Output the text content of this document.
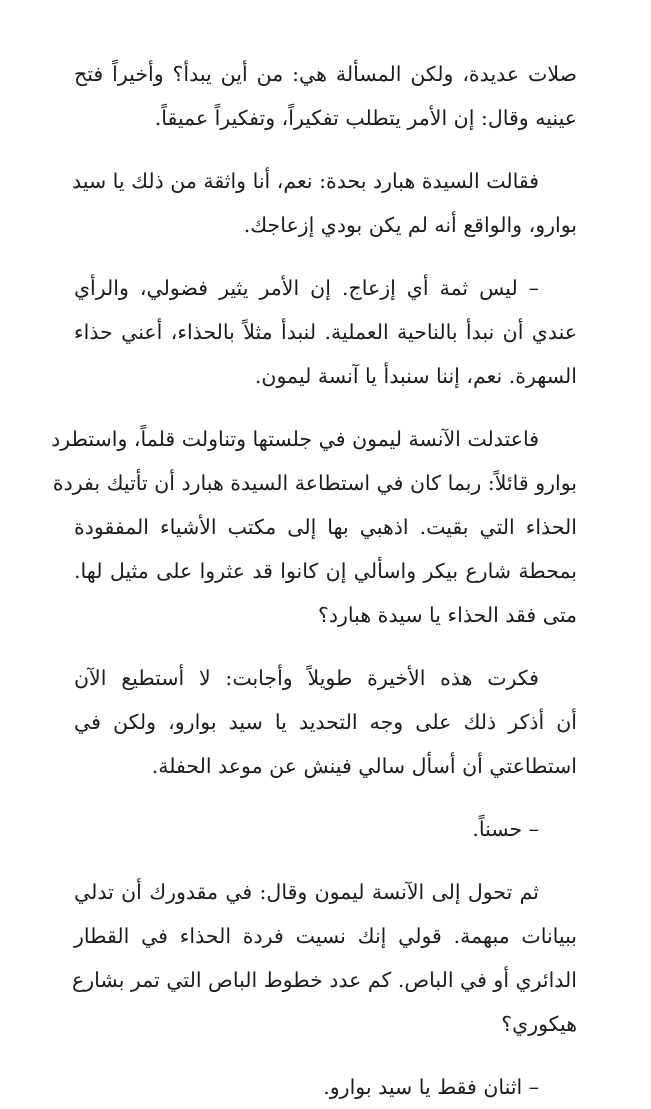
صلات عديدة، ولكن المسألة هي: من أين يبدأ؟ وأخيراً فتح
عينيه وقال: إن الأمر يتطلب تفكيراً، وتفكيراً عميقاً.

فقالت السيدة هبارد بحدة: نعم، أنا واثقة من ذلك يا سيد
بوارو، والواقع أنه لم يكن بودي إزعاجك.

– ليس ثمة أي إزعاج. إن الأمر يثير فضولي، والرأي
عندي أن نبدأ بالناحية العملية. لنبدأ مثلاً بالحذاء، أعني حذاء
السهرة. نعم، إننا سنبدأ يا آنسة ليمون.

فاعتدلت الآنسة ليمون في جلستها وتناولت قلماً، واستطرد
بوارو قائلاً: ربما كان في استطاعة السيدة هبارد أن تأتيك بفردة
الحذاء التي بقيت. اذهبي بها إلى مكتب الأشياء المفقودة
بمحطة شارع بيكر واسألي إن كانوا قد عثروا على مثيل لها.
متى فقد الحذاء يا سيدة هبارد؟

فكرت هذه الأخيرة طويلاً وأجابت: لا أستطيع الآن
أن أذكر ذلك على وجه التحديد يا سيد بوارو، ولكن في
استطاعتي أن أسأل سالي فينش عن موعد الحفلة.

– حسناً.

ثم تحول إلى الآنسة ليمون وقال: في مقدورك أن تدلي
ببيانات مبهمة. قولي إنك نسيت فردة الحذاء في القطار
الدائري أو في الباص. كم عدد خطوط الباص التي تمر بشارع
هيكوري؟

– اثنان فقط يا سيد بوارو.
